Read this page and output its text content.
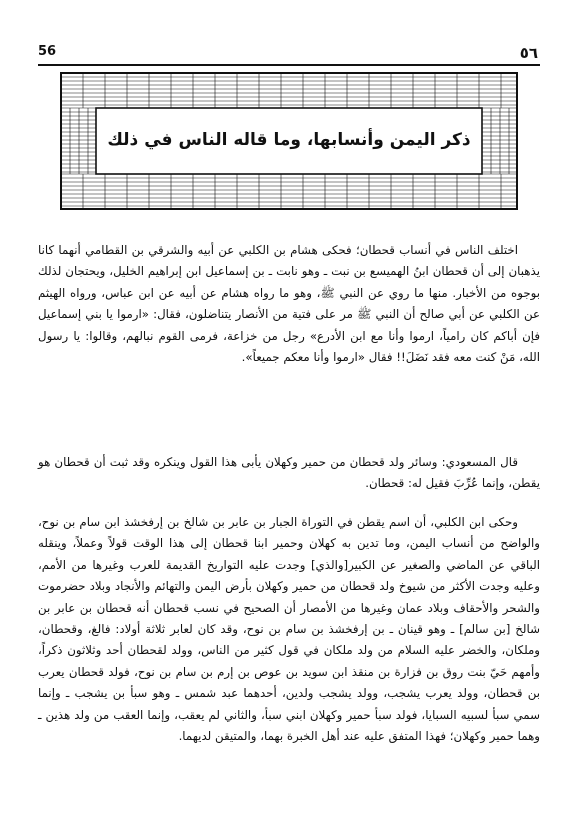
56	٥٦
ذكر اليمن وأنسابها، وما قاله الناس في ذلك

اختلف الناس في أنساب قحطان؛ فحكى هشام بن الكلبي عن أبيه والشرقي بن القطامي أنهما كانا يذهبان إلى أن قحطان ابنُ الهميسع بن نبت ـ وهو نابت ـ بن إسماعيل ابن إبراهيم الخليل، ويحتجان لذلك بوجوه من الأخبار. منها ما روي عن النبي ﷺ، وهو ما رواه هشام عن أبيه عن ابن عباس، ورواه الهيثم عن الكلبي عن أبي صالح أن النبي ﷺ مر على فتية من الأنصار يتناضلون، فقال: «ارموا يا بني إسماعيل فإن أباكم كان رامياً، ارموا وأنا مع ابن الأدرع» رجل من خزاعة، فرمى القوم نبالهم، وقالوا: يا رسول الله، مَنْ كنت معه فقد نَضَلَ!! فقال «ارموا وأنا معكم جميعاً».

قال المسعودي: وسائر ولد قحطان من حمير وكهلان يأبى هذا القول وينكره وقد ثبت أن قحطان هو يقطن، وإنما عُرِّبَ فقيل له: قحطان.

وحكى ابن الكلبي، أن اسم يقطن في التوراة الجبار بن عابر بن شالخ بن إرفخشذ ابن سام بن نوح، والواضح من أنساب اليمن، وما تدين به كهلان وحمير ابنا قحطان إلى هذا الوقت قولاً وعملاً، وينقله الباقي عن الماضي والصغير عن الكبير[والذي] وجدت عليه التواريخ القديمة للعرب وغيرها من الأمم، وعليه وجدت الأكثر من شيوخ ولد قحطان من حمير وكهلان بأرض اليمن والتهائم والأنجاد وبلاد حضرموت والشحر والأحقاف وبلاد عمان وغيرها من الأمصار أن الصحيح في نسب قحطان أنه قحطان بن عابر بن شالخ [بن سالم] ـ وهو قينان ـ بن إرفخشذ بن سام بن نوح، وقد كان لعابر ثلاثة أولاد: فالغ، وقحطان، وملكان، والخضر عليه السلام من ولد ملكان في قول كثير من الناس، وولد لقحطان أحد وثلاثون ذكراً، وأمهم حَيّ بنت روق بن فزارة بن منقذ ابن سويد بن عوص بن إرم بن سام بن نوح، فولد قحطان يعرب بن قحطان، وولد يعرب يشجب، وولد يشجب ولدين، أحدهما عبد شمس ـ وهو سبأ بن يشجب ـ وإنما سمي سبأ لسبيه السبايا، فولد سبأ حمير وكهلان ابني سبأ، والثاني لم يعقب، وإنما العقب من ولد هذين ـ وهما حمير وكهلان؛ فهذا المتفق عليه عند أهل الخبرة بهما، والمتيقن لديهما.
